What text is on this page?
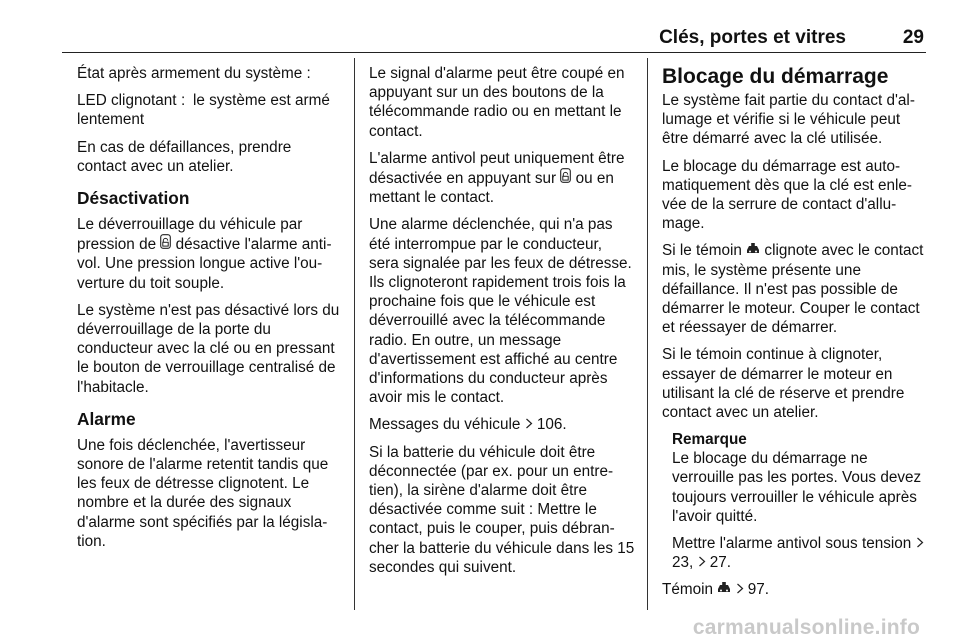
Clés, portes et vitres	29

État après armement du système :

LED clignotant lentement
: le système est armé

En cas de défaillances, prendre contact avec un atelier.

Désactivation

Le déverrouillage du véhicule par pression de  désactive l'alarme antivol. Une pression longue active l'ouverture du toit souple.

Le système n'est pas désactivé lors du déverrouillage de la porte du conducteur avec la clé ou en pressant le bouton de verrouillage centralisé de l'habitacle.

Alarme

Une fois déclenchée, l'avertisseur sonore de l'alarme retentit tandis que les feux de détresse clignotent. Le nombre et la durée des signaux d'alarme sont spécifiés par la législation.

Le signal d'alarme peut être coupé en appuyant sur un des boutons de la télécommande radio ou en mettant le contact.

L'alarme antivol peut uniquement être désactivée en appuyant sur  ou en mettant le contact.

Une alarme déclenchée, qui n'a pas été interrompue par le conducteur, sera signalée par les feux de détresse. Ils clignoteront rapidement trois fois la prochaine fois que le véhicule est déverrouillé avec la télécommande radio. En outre, un message d'avertissement est affiché au centre d'informations du conducteur après avoir mis le contact.

Messages du véhicule  106.

Si la batterie du véhicule doit être déconnectée (par ex. pour un entretien), la sirène d'alarme doit être désactivée comme suit : Mettre le contact, puis le couper, puis débrancher la batterie du véhicule dans les 15 secondes qui suivent.

Blocage du démarrage

Le système fait partie du contact d'allumage et vérifie si le véhicule peut être démarré avec la clé utilisée.

Le blocage du démarrage est automatiquement dès que la clé est enlevée de la serrure de contact d'allumage.

Si le témoin  clignote avec le contact mis, le système présente une défaillance. Il n'est pas possible de démarrer le moteur. Couper le contact et réessayer de démarrer.

Si le témoin continue à clignoter, essayer de démarrer le moteur en utilisant la clé de réserve et prendre contact avec un atelier.

Remarque

Le blocage du démarrage ne verrouille pas les portes. Vous devez toujours verrouiller le véhicule après l'avoir quitté.

Mettre l'alarme antivol sous tension  23,  27.

Témoin   97.

carmanualsonline.info
